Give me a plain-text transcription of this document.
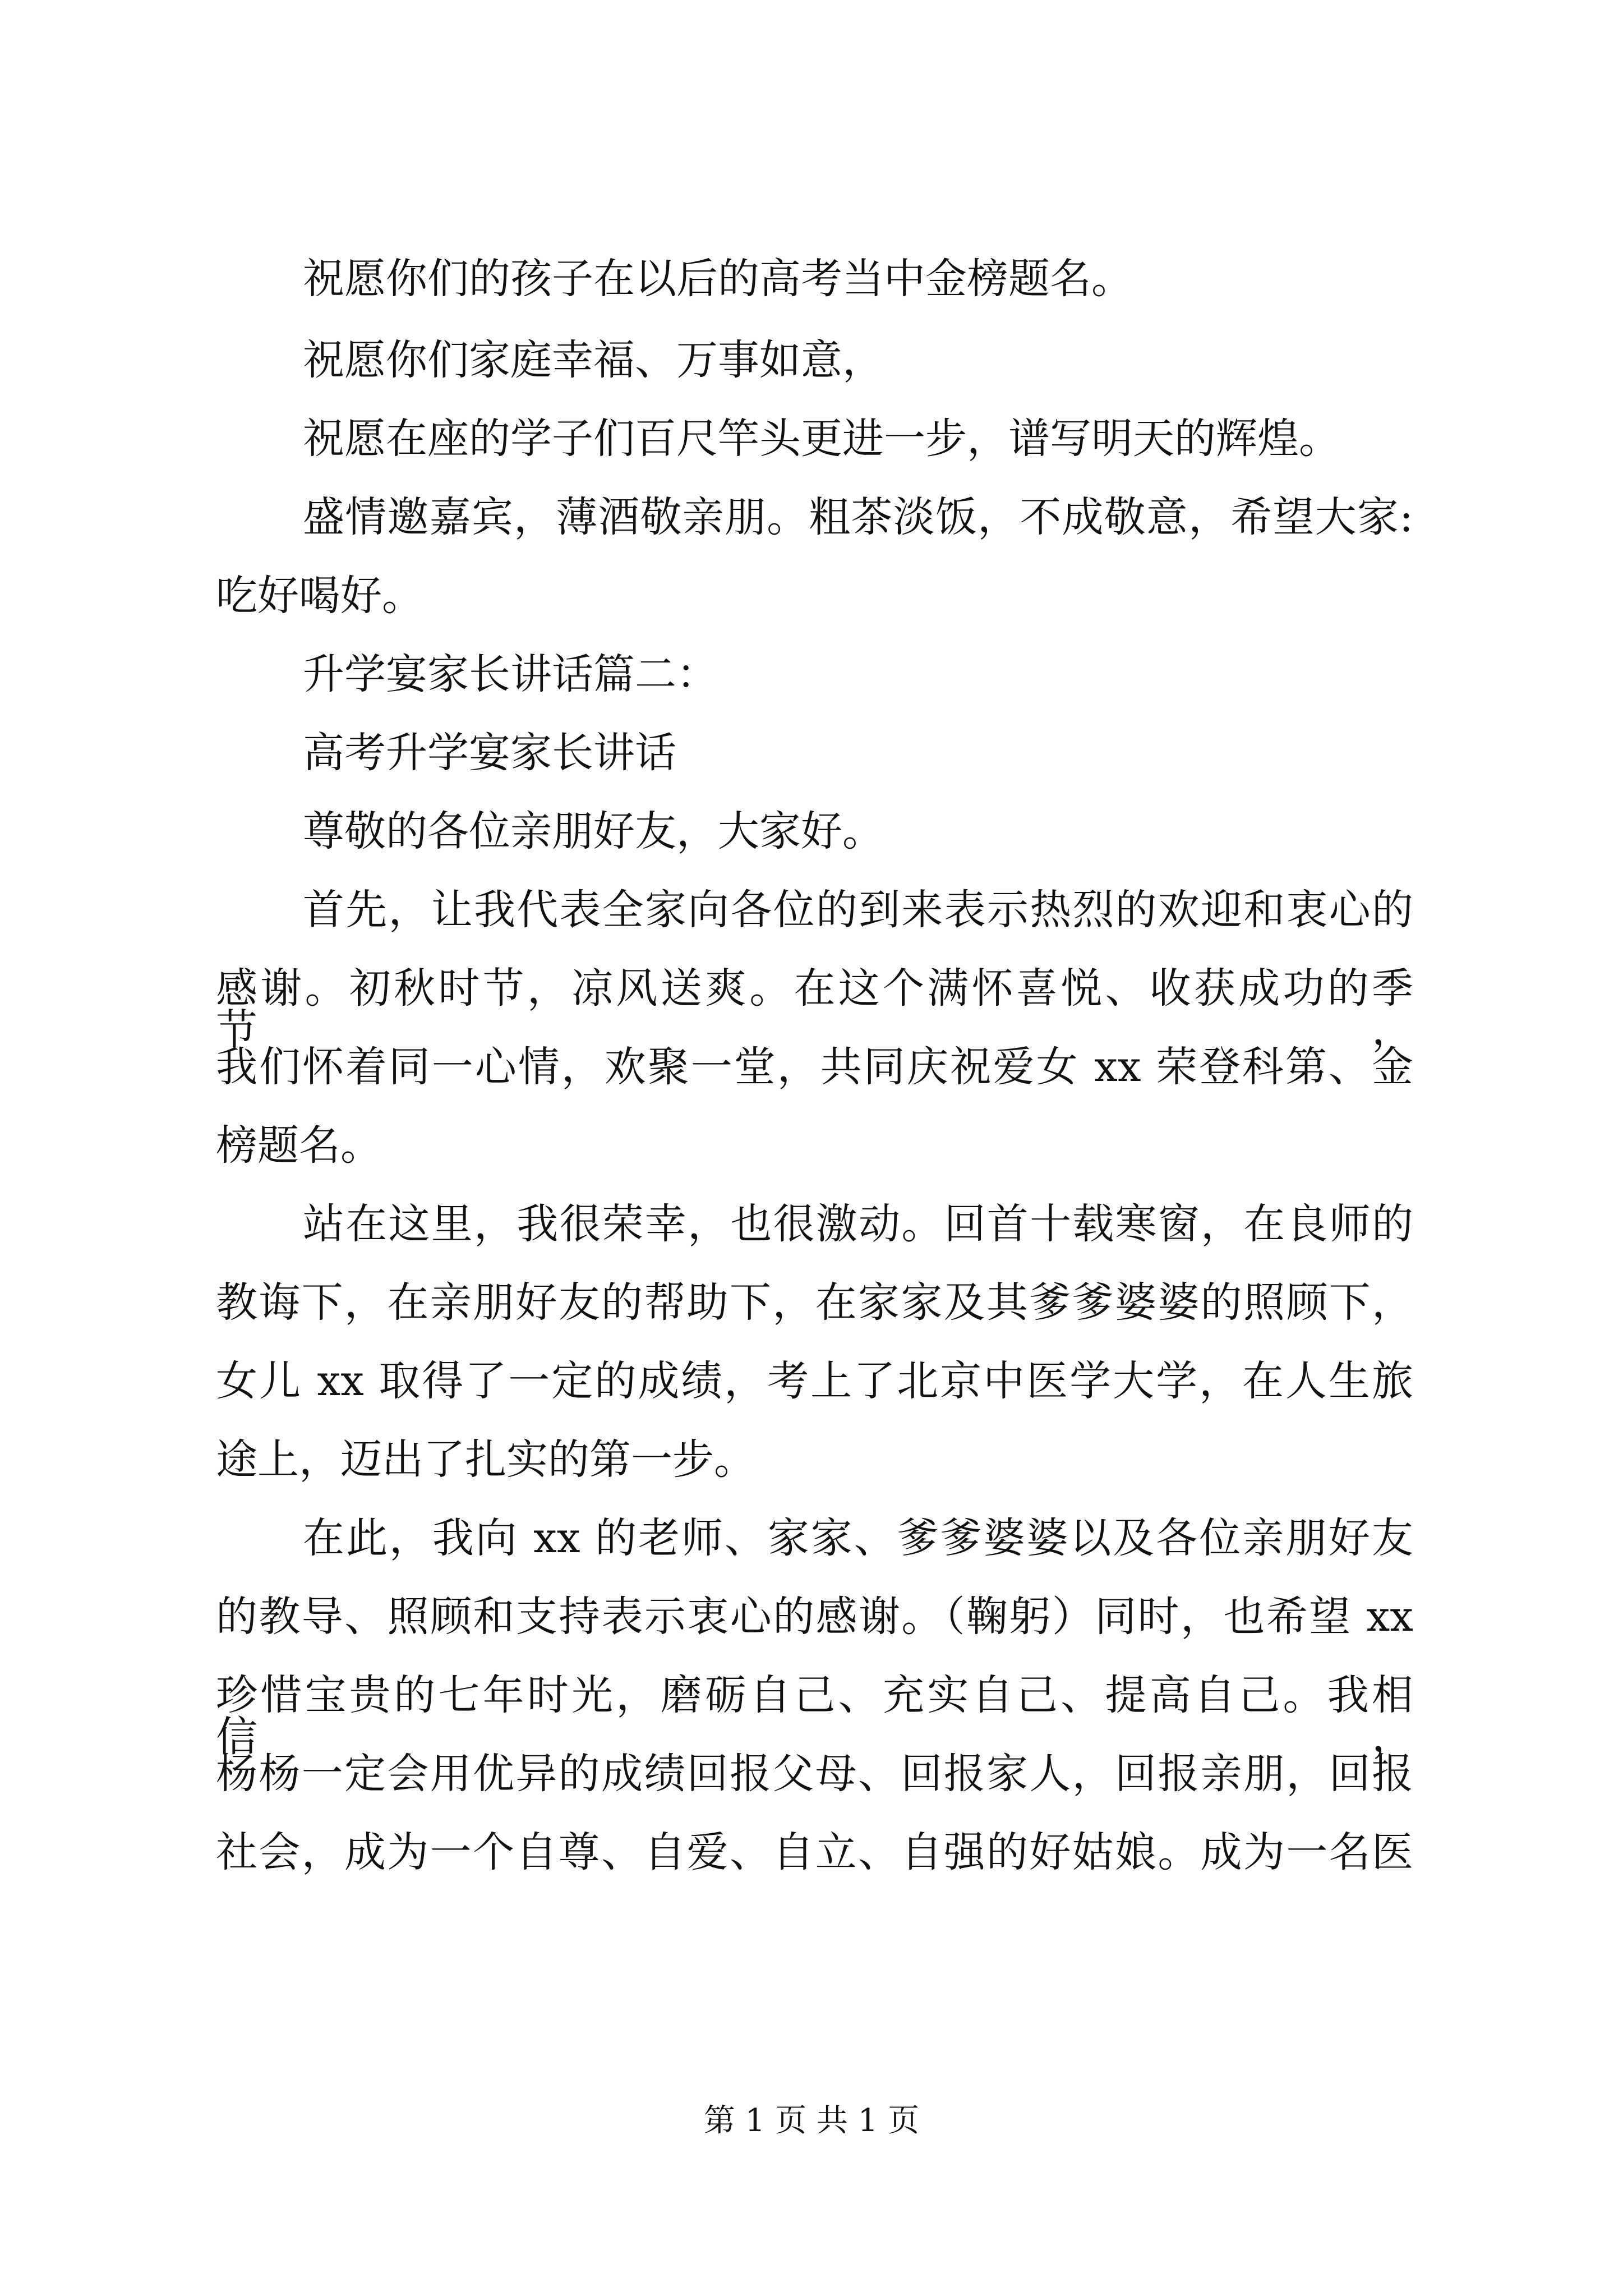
祝愿你们的孩子在以后的高考当中金榜题名。
祝愿你们家庭幸福、万事如意，
祝愿在座的学子们百尺竿头更进一步，谱写明天的辉煌。
盛情邀嘉宾，薄酒敬亲朋。粗茶淡饭，不成敬意，希望大家:
吃好喝好。
升学宴家长讲话篇二：
高考升学宴家长讲话
尊敬的各位亲朋好友，大家好。
首先，让我代表全家向各位的到来表示热烈的欢迎和衷心的
感谢。初秋时节，凉风送爽。在这个满怀喜悦、收获成功的季节，
我们怀着同一心情，欢聚一堂，共同庆祝爱女 xx 荣登科第、金
榜题名。
站在这里，我很荣幸，也很激动。回首十载寒窗，在良师的
教诲下，在亲朋好友的帮助下，在家家及其爹爹婆婆的照顾下，
女儿 xx 取得了一定的成绩，考上了北京中医学大学，在人生旅
途上，迈出了扎实的第一步。
在此，我向 xx 的老师、家家、爹爹婆婆以及各位亲朋好友
的教导、照顾和支持表示衷心的感谢。（鞠躬）同时，也希望 xx
珍惜宝贵的七年时光，磨砺自己、充实自己、提高自己。我相信，
杨杨一定会用优异的成绩回报父母、回报家人，回报亲朋，回报
社会，成为一个自尊、自爱、自立、自强的好姑娘。成为一名医
第 1 页 共 1 页
